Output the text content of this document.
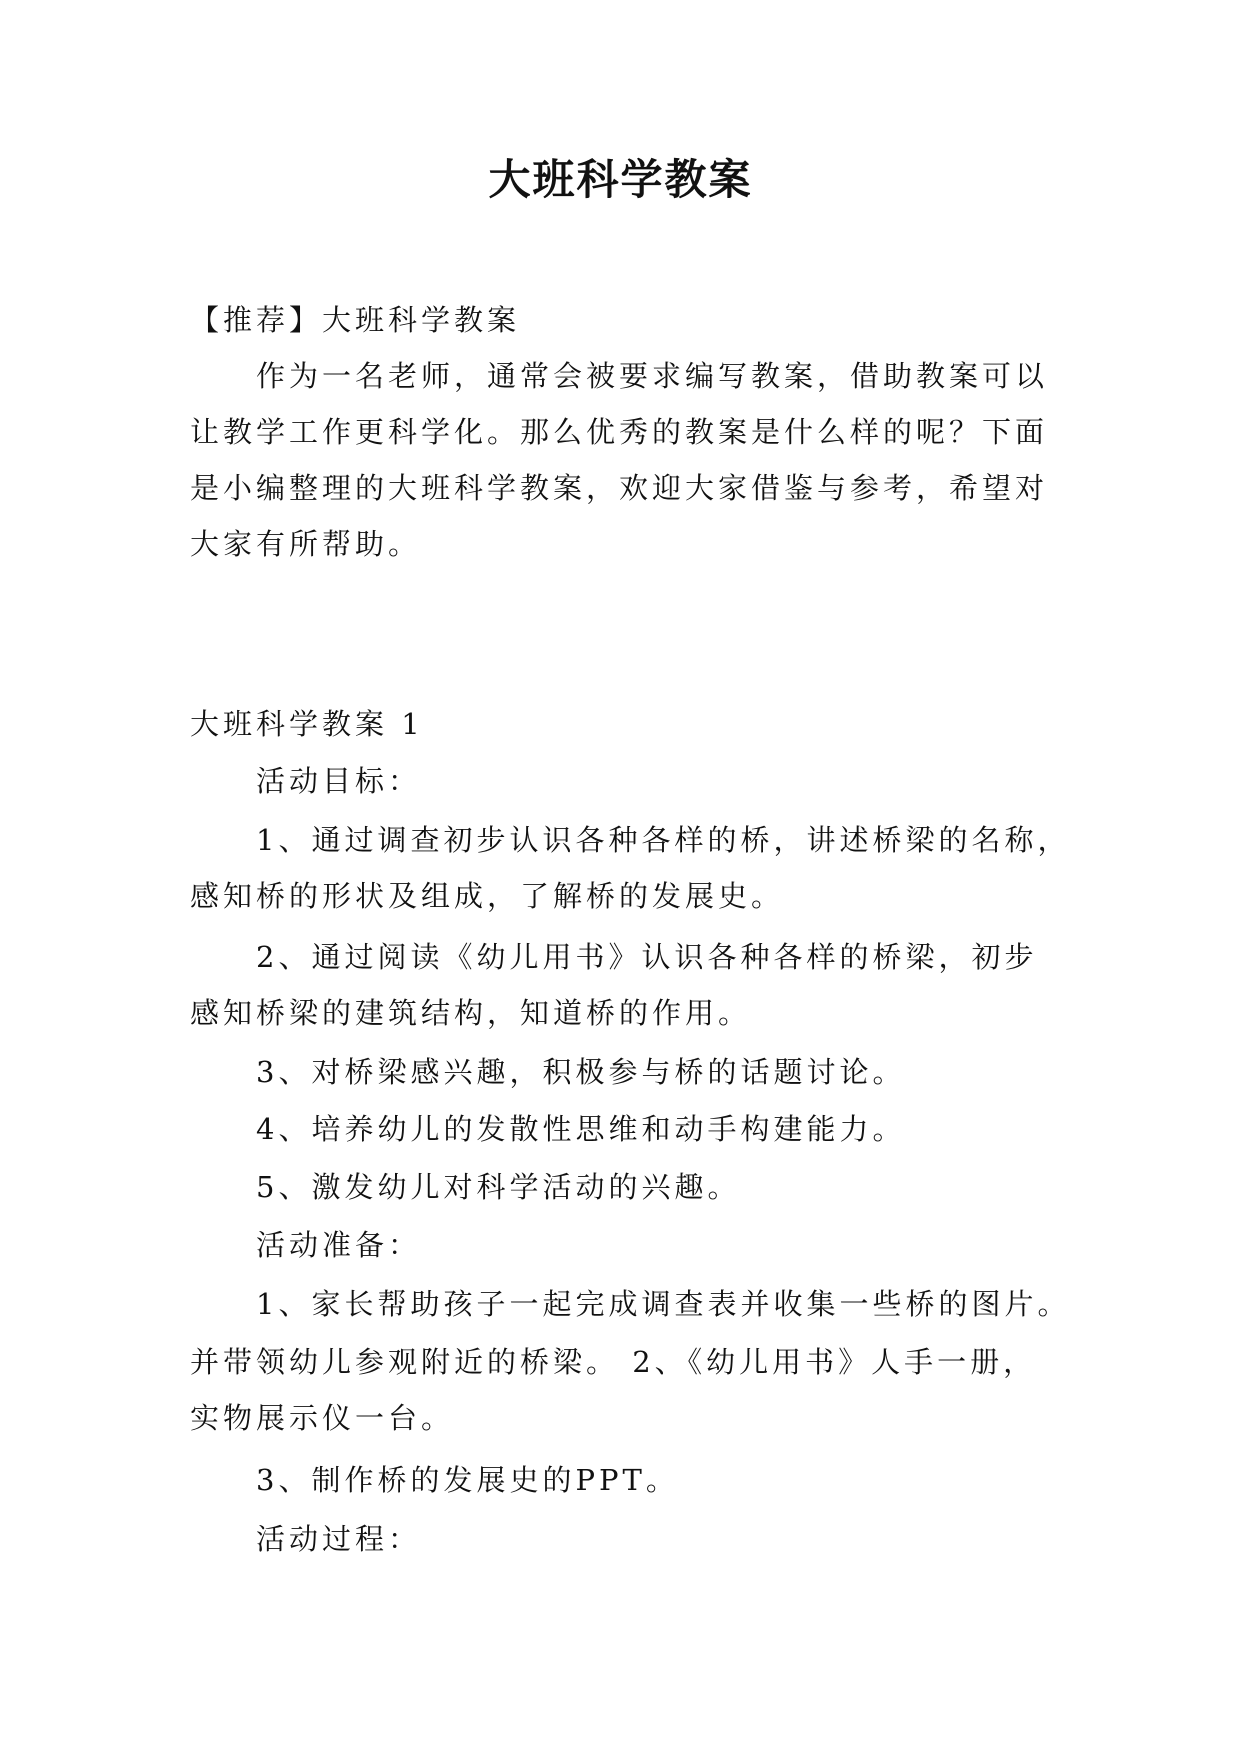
大班科学教案
【推荐】大班科学教案
作为一名老师，通常会被要求编写教案，借助教案可以
让教学工作更科学化。那么优秀的教案是什么样的呢？下面
是小编整理的大班科学教案，欢迎大家借鉴与参考，希望对
大家有所帮助。
大班科学教案 1
活动目标：
1、通过调查初步认识各种各样的桥，讲述桥梁的名称，
感知桥的形状及组成，了解桥的发展史。
2、通过阅读《幼儿用书》认识各种各样的桥梁，初步
感知桥梁的建筑结构，知道桥的作用。
3、对桥梁感兴趣，积极参与桥的话题讨论。
4、培养幼儿的发散性思维和动手构建能力。
5、激发幼儿对科学活动的兴趣。
活动准备：
1、家长帮助孩子一起完成调查表并收集一些桥的图片。
并带领幼儿参观附近的桥梁。 2、《幼儿用书》人手一册，
实物展示仪一台。
3、制作桥的发展史的PPT。
活动过程：
